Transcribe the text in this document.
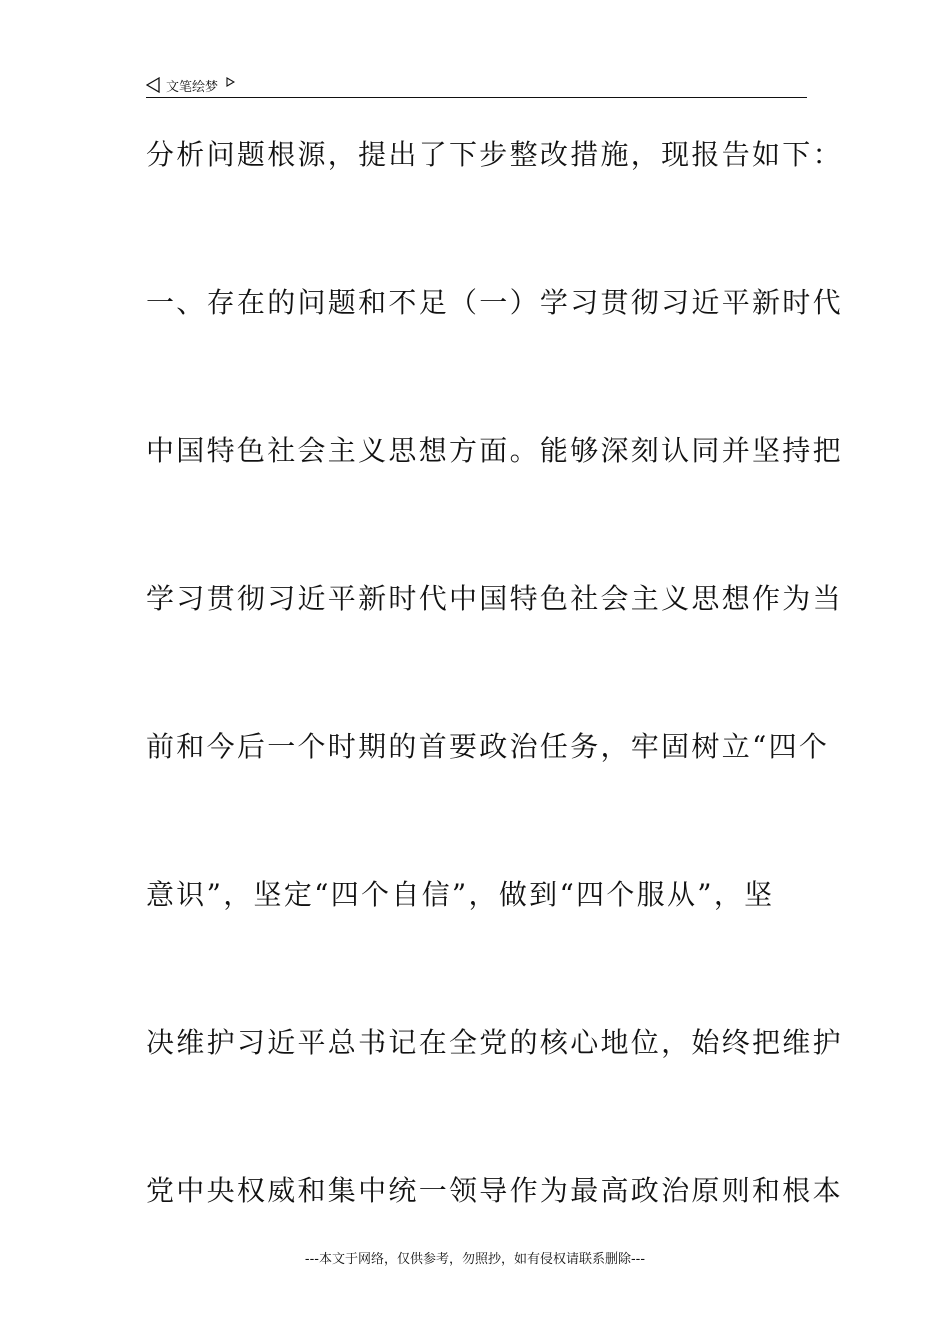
文笔绘梦
分析问题根源，提出了下步整改措施，现报告如下：
一、存在的问题和不足（一）学习贯彻习近平新时代
中国特色社会主义思想方面。能够深刻认同并坚持把
学习贯彻习近平新时代中国特色社会主义思想作为当
前和今后一个时期的首要政治任务，牢固树立“四个
意识”，坚定“四个自信”，做到“四个服从”，坚
决维护习近平总书记在全党的核心地位，始终把维护
党中央权威和集中统一领导作为最高政治原则和根本
---本文于网络，仅供参考，勿照抄，如有侵权请联系删除---
